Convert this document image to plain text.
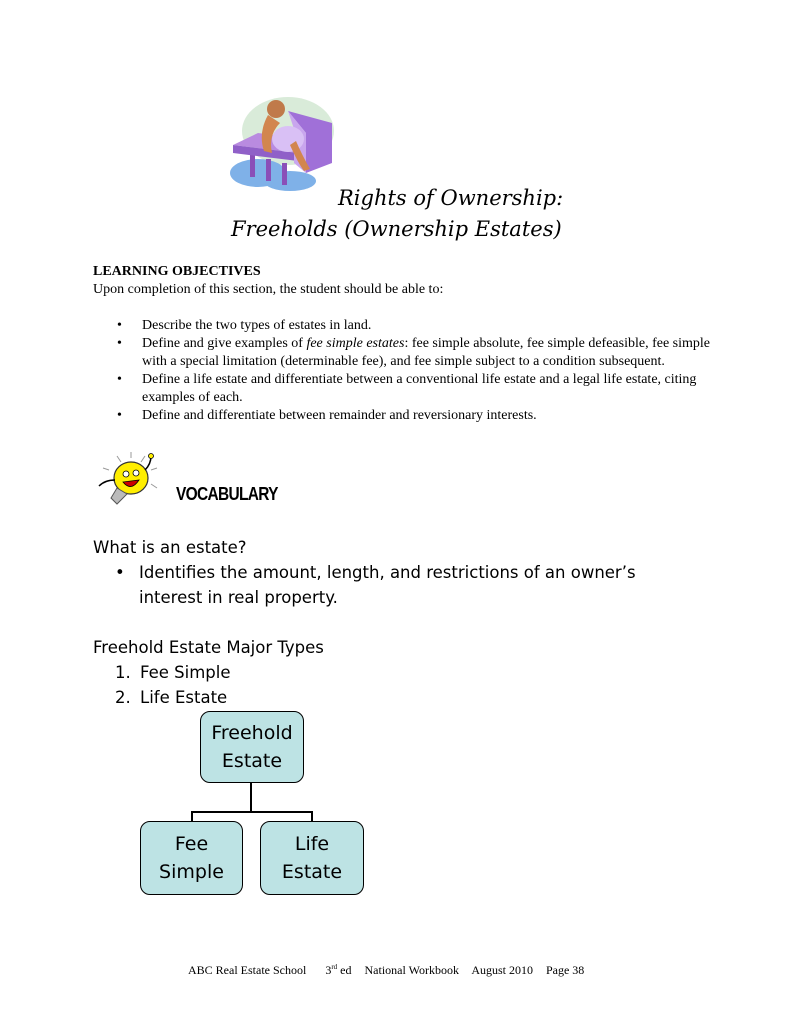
Rights of Ownership:
Freeholds (Ownership Estates)
LEARNING OBJECTIVES
Upon completion of this section, the student should be able to:
• Describe the two types of estates in land.
• Define and give examples of fee simple estates: fee simple absolute, fee simple defeasible, fee simple with a special limitation (determinable fee), and fee simple subject to a condition subsequent.
• Define a life estate and differentiate between a conventional life estate and a legal life estate, citing examples of each.
• Define and differentiate between remainder and reversionary interests.
VOCABULARY
What is an estate?
• Identifies the amount, length, and restrictions of an owner’s interest in real property.
Freehold Estate Major Types
1. Fee Simple
2. Life Estate
Freehold
Estate
Fee
Simple
Life
Estate
ABC Real Estate School 3rd ed National Workbook August 2010 Page 38
